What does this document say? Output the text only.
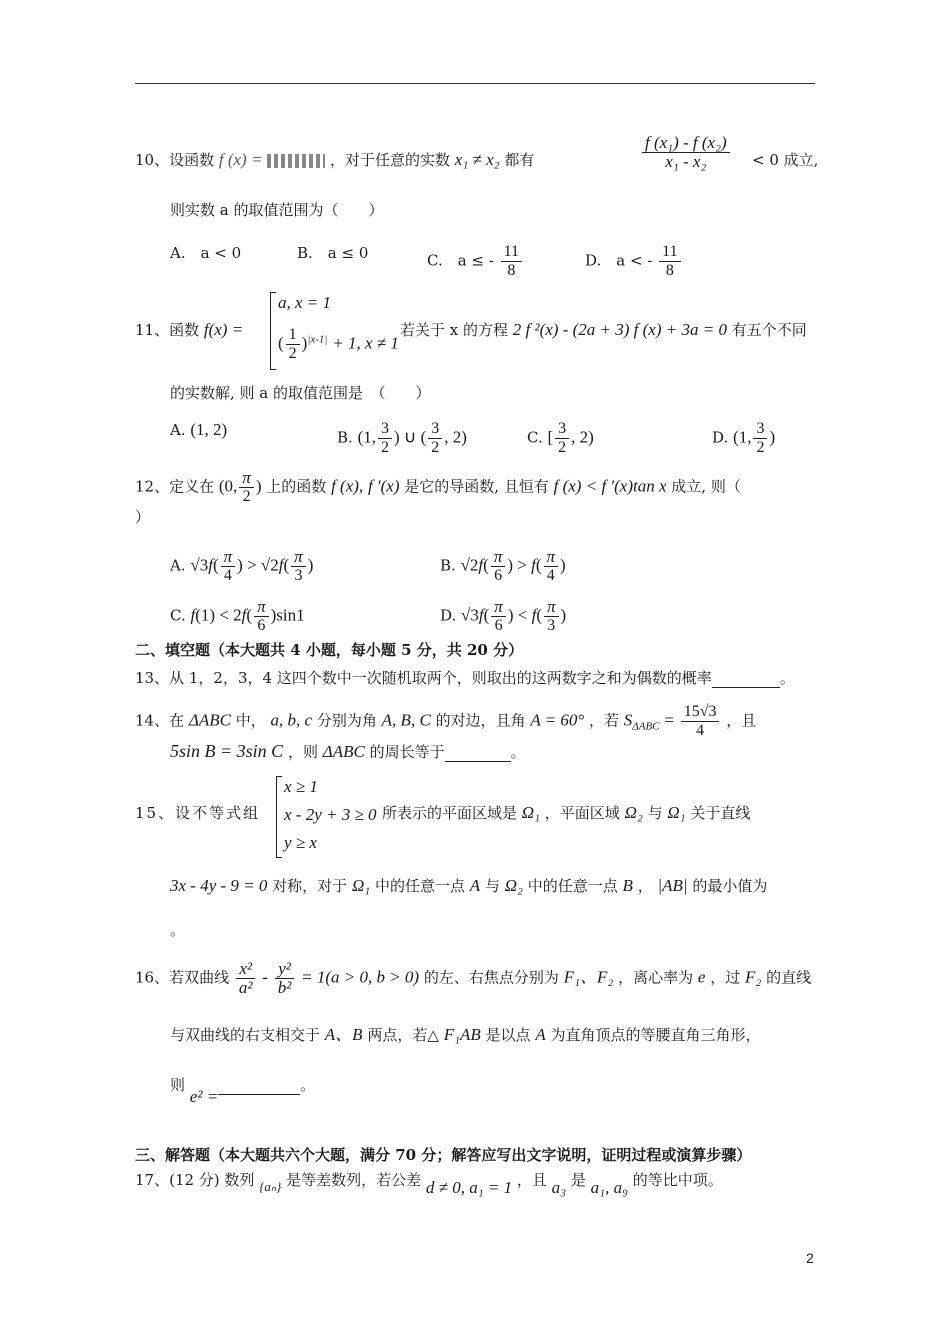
10、设函数 f (x) =	，对于任意的实数 x₁ ≠ x₂ 都有	$\frac{\text{f (x₁) - f (x₂)}}{\text{x₁ - x₂}} < 0$ 成立,
则实数 a 的取值范围为（　　）
A.　a < 0	B.　a ≤ 0	C.　a ≤ - $\frac{11}{8}$	D.　a < - $\frac{11}{8}$
11、函数 f(x) =
a, x = 1
( $\frac{1}{2} )^{|x-1|} + 1$, x ≠ 1
若关于 x 的方程 2 f ²(x) - (2a + 3) f (x) + 3a = 0 有五个不同
的实数解, 则 a 的取值范围是　（　　）
A. (1, 2)	B. (1, $\frac{3}{2}$ ) ∪ ( $\frac{3}{2}$ , 2)	C. [ $\frac{3}{2}$ , 2)	D. (1, $\frac{3}{2}$ )
12、定义在 (0, $\frac{\pi}{2}$ ) 上的函数 f (x), f ′(x) 是它的导函数, 且恒有 f (x) < f ′(x)tan x 成立, 则（
）
A. $√3f( \frac{\pi}{4}$ ) > $√2f( \frac{\pi}{3}$ )	B. $√2f( \frac{\pi}{6}$ ) > $f( \frac{\pi}{4}$ )
C. $f(1) < 2f( \frac{\pi}{6} )\sin 1$	D. $√3f( \frac{\pi}{6}$ ) < $f( \frac{\pi}{3}$ )
二、填空题（本大题共 4 小题，每小题 5 分，共 20 分）
13、从 1，2，3，4 这四个数中一次随机取两个，则取出的这两数字之和为偶数的概率	。
14、在 ΔABC 中， a, b, c 分别为角 A, B, C 的对边，且角 A = 60° ，若 $S_{\Delta ABC} = \frac{15√3}{4}$ ，且
5sin B = 3sin C ，则 ΔABC 的周长等于	。
15、设不等式组
x ≥ 1
x - 2y + 3 ≥ 0
y ≥ x
所表示的平面区域是 Ω₁ ，平面区域 Ω₂ 与 Ω₁ 关于直线
3x - 4y - 9 = 0 对称，对于 Ω₁ 中的任意一点 A 与 Ω₂ 中的任意一点 B ， |AB| 的最小值为
。
16、若双曲线 $\frac{\text{x²}}{\text{a²}} - \frac{\text{y²}}{\text{b²}} = 1(a > 0$, b > 0) 的左、右焦点分别为 F₁、F₂ ，离心率为 e ，过 F₂ 的直线
与双曲线的右支相交于 A、B 两点，若△ F₁AB 是以点 A 为直角顶点的等腰直角三角形，
则 e² =。
三、解答题（本大题共六个大题，满分 70 分；解答应写出文字说明，证明过程或演算步骤）
17、(12 分) 数列 {aₙ} 是等差数列，若公差 d ≠ 0, a₁ = 1 ，且 a₃ 是 a₁, a₉ 的等比中项。
2
